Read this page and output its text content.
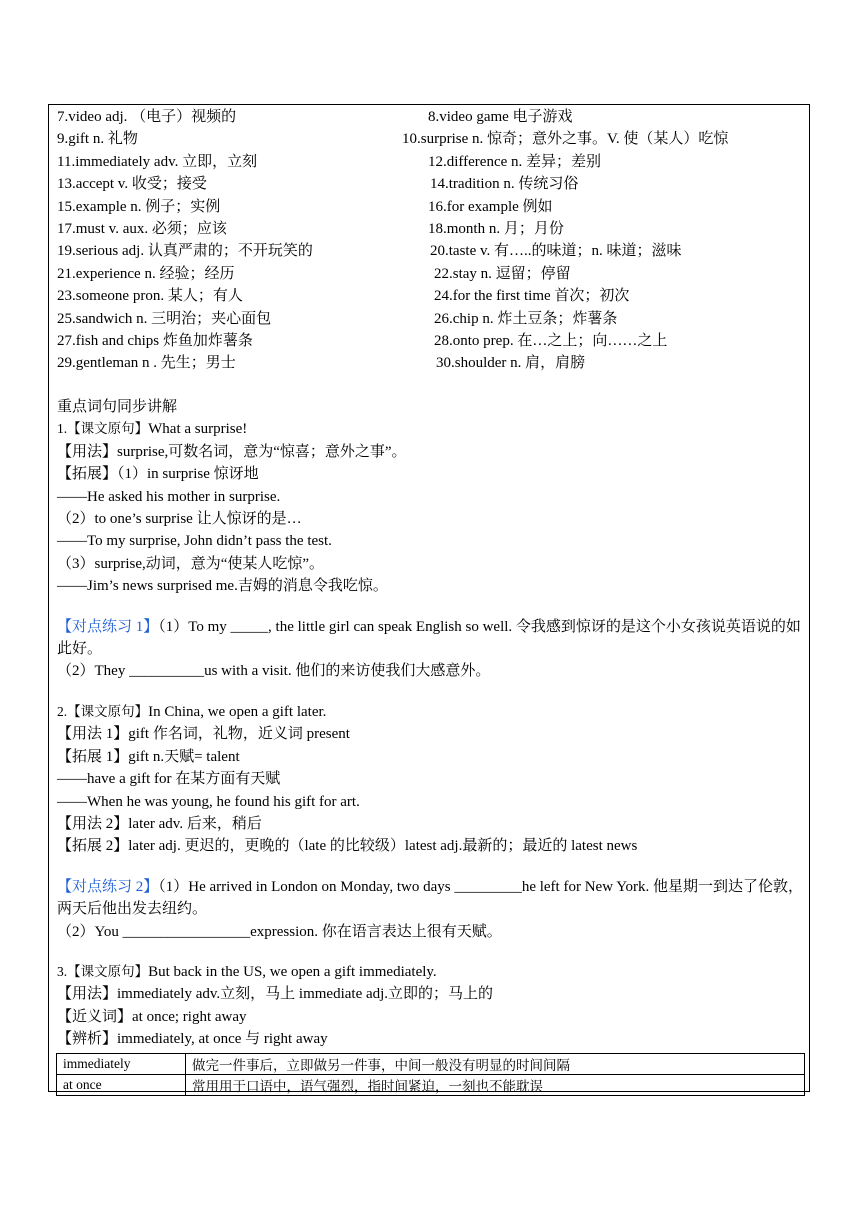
7.video adj. （电子）视频的	8.video game 电子游戏
9.gift n. 礼物	10.surprise n. 惊奇；意外之事。V. 使（某人）吃惊
11.immediately adv. 立即，立刻	12.difference n. 差异；差别
13.accept v. 收受；接受	14.tradition n. 传统习俗
15.example n. 例子；实例	16.for example 例如
17.must v. aux. 必须；应该	18.month n. 月；月份
19.serious adj. 认真严肃的；不开玩笑的	20.taste v. 有…..的味道；n. 味道；滋味
21.experience n. 经验；经历	22.stay n. 逗留；停留
23.someone pron. 某人；有人	24.for the first time 首次；初次
25.sandwich n. 三明治；夹心面包	26.chip n. 炸土豆条；炸薯条
27.fish and chips 炸鱼加炸薯条	28.onto prep. 在…之上；向……之上
29.gentleman n . 先生；男士	30.shoulder n. 肩，肩膀
重点词句同步讲解
1.【课文原句】What a surprise!
【用法】surprise,可数名词，意为“惊喜；意外之事”。
【拓展】（1）in surprise 惊讶地
——He asked his mother in surprise.
（2）to one’s surprise 让人惊讶的是…
——To my surprise, John didn’t pass the test.
（3）surprise,动词，意为“使某人吃惊”。
——Jim’s news surprised me.吉姆的消息令我吃惊。
【对点练习 1】（1）To my _____, the little girl can speak English so well. 令我感到惊讶的是这个小女孩说英语说的如此好。
（2）They __________us with a visit. 他们的来访使我们大感意外。
2.【课文原句】In China, we open a gift later.
【用法 1】gift 作名词，礼物，近义词 present
【拓展 1】gift n.天赋= talent
——have a gift for 在某方面有天赋
——When he was young, he found his gift for art.
【用法 2】later adv. 后来，稍后
【拓展 2】later adj. 更迟的，更晚的（late 的比较级）latest adj.最新的；最近的 latest news
【对点练习 2】（1）He arrived in London on Monday, two days _________he left for New York. 他星期一到达了伦敦，两天后他出发去纽约。
（2）You _________________expression. 你在语言表达上很有天赋。
3.【课文原句】But back in the US, we open a gift immediately.
【用法】immediately adv.立刻，马上 immediate adj.立即的；马上的
【近义词】at once; right away
【辨析】immediately, at once 与 right away
immediately	做完一件事后，立即做另一件事，中间一般没有明显的时间间隔
at once	常用用于口语中，语气强烈，指时间紧迫，一刻也不能耽误
